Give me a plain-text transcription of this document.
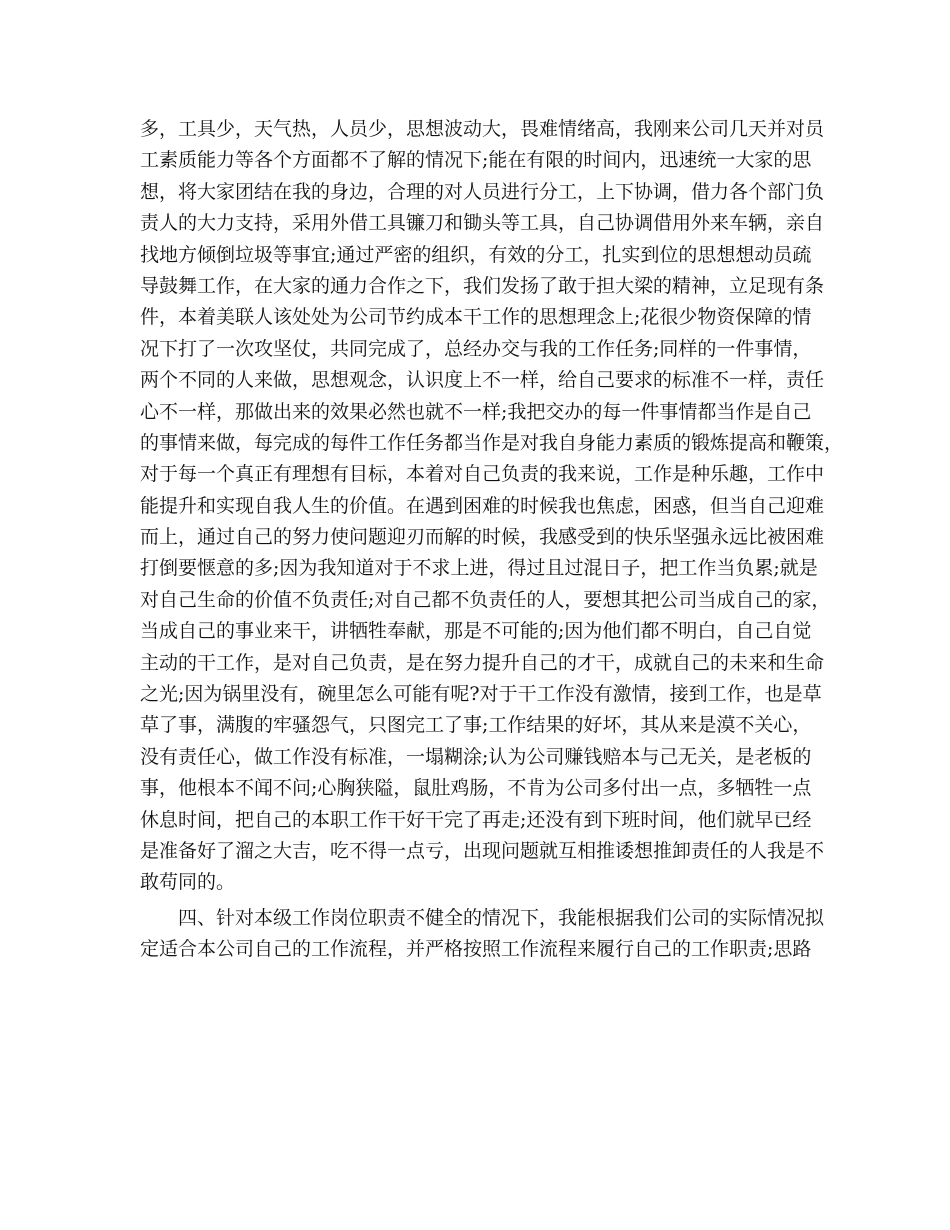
多，工具少，天气热，人员少，思想波动大，畏难情绪高，我刚来公司几天并对员
工素质能力等各个方面都不了解的情况下;能在有限的时间内，迅速统一大家的思
想，将大家团结在我的身边，合理的对人员进行分工，上下协调，借力各个部门负
责人的大力支持，采用外借工具镰刀和锄头等工具，自己协调借用外来车辆，亲自
找地方倾倒垃圾等事宜;通过严密的组织，有效的分工，扎实到位的思想想动员疏
导鼓舞工作，在大家的通力合作之下，我们发扬了敢于担大梁的精神，立足现有条
件，本着美联人该处处为公司节约成本干工作的思想理念上;花很少物资保障的情
况下打了一次攻坚仗，共同完成了，总经办交与我的工作任务;同样的一件事情，
两个不同的人来做，思想观念，认识度上不一样，给自己要求的标准不一样，责任
心不一样，那做出来的效果必然也就不一样;我把交办的每一件事情都当作是自己
的事情来做，每完成的每件工作任务都当作是对我自身能力素质的锻炼提高和鞭策，
对于每一个真正有理想有目标，本着对自己负责的我来说，工作是种乐趣，工作中
能提升和实现自我人生的价值。在遇到困难的时候我也焦虑，困惑，但当自己迎难
而上，通过自己的努力使问题迎刃而解的时候，我感受到的快乐坚强永远比被困难
打倒要惬意的多;因为我知道对于不求上进，得过且过混日子，把工作当负累;就是
对自己生命的价值不负责任;对自己都不负责任的人，要想其把公司当成自己的家，
当成自己的事业来干，讲牺牲奉献，那是不可能的;因为他们都不明白，自己自觉
主动的干工作，是对自己负责，是在努力提升自己的才干，成就自己的未来和生命
之光;因为锅里没有，碗里怎么可能有呢?对于干工作没有激情，接到工作，也是草
草了事，满腹的牢骚怨气，只图完工了事;工作结果的好坏，其从来是漠不关心，
没有责任心，做工作没有标准，一塌糊涂;认为公司赚钱赔本与己无关，是老板的
事，他根本不闻不问;心胸狭隘，鼠肚鸡肠，不肯为公司多付出一点，多牺牲一点
休息时间，把自己的本职工作干好干完了再走;还没有到下班时间，他们就早已经
是准备好了溜之大吉，吃不得一点亏，出现问题就互相推诿想推卸责任的人我是不
敢苟同的。
四、针对本级工作岗位职责不健全的情况下，我能根据我们公司的实际情况拟
定适合本公司自己的工作流程，并严格按照工作流程来履行自己的工作职责;思路
